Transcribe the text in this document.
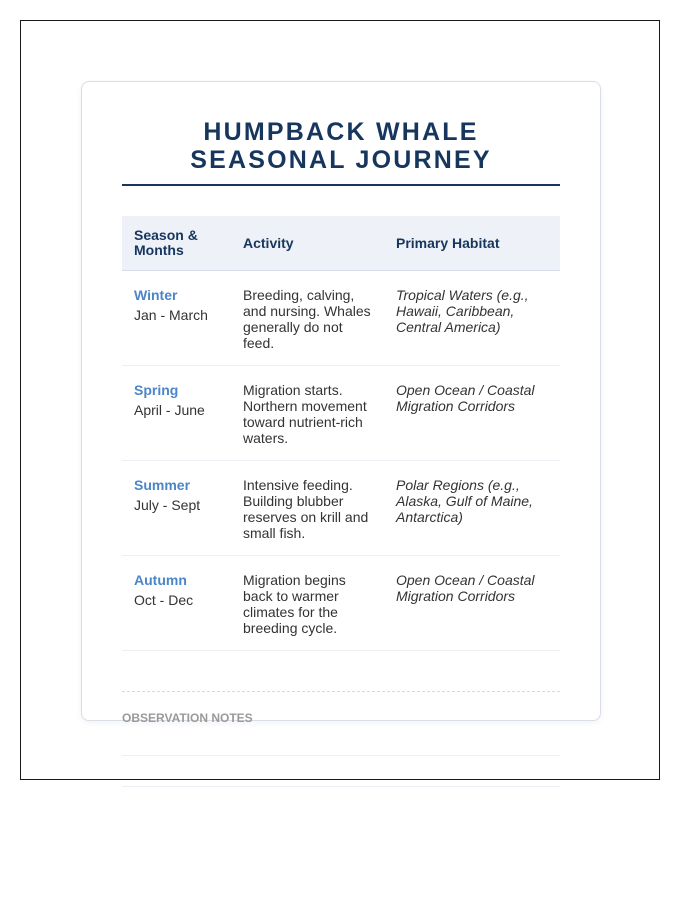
HUMPBACK WHALE SEASONAL JOURNEY
Season & Months	Activity	Primary Habitat

Winter
Jan - March	Breeding, calving, and nursing. Whales generally do not feed.	Tropical Waters (e.g., Hawaii, Caribbean, Central America)

Spring
April - June	Migration starts. Northern movement toward nutrient-rich waters.	Open Ocean / Coastal Migration Corridors

Summer
July - Sept	Intensive feeding. Building blubber reserves on krill and small fish.	Polar Regions (e.g., Alaska, Gulf of Maine, Antarctica)

Autumn
Oct - Dec	Migration begins back to warmer climates for the breeding cycle.	Open Ocean / Coastal Migration Corridors
OBSERVATION NOTES
